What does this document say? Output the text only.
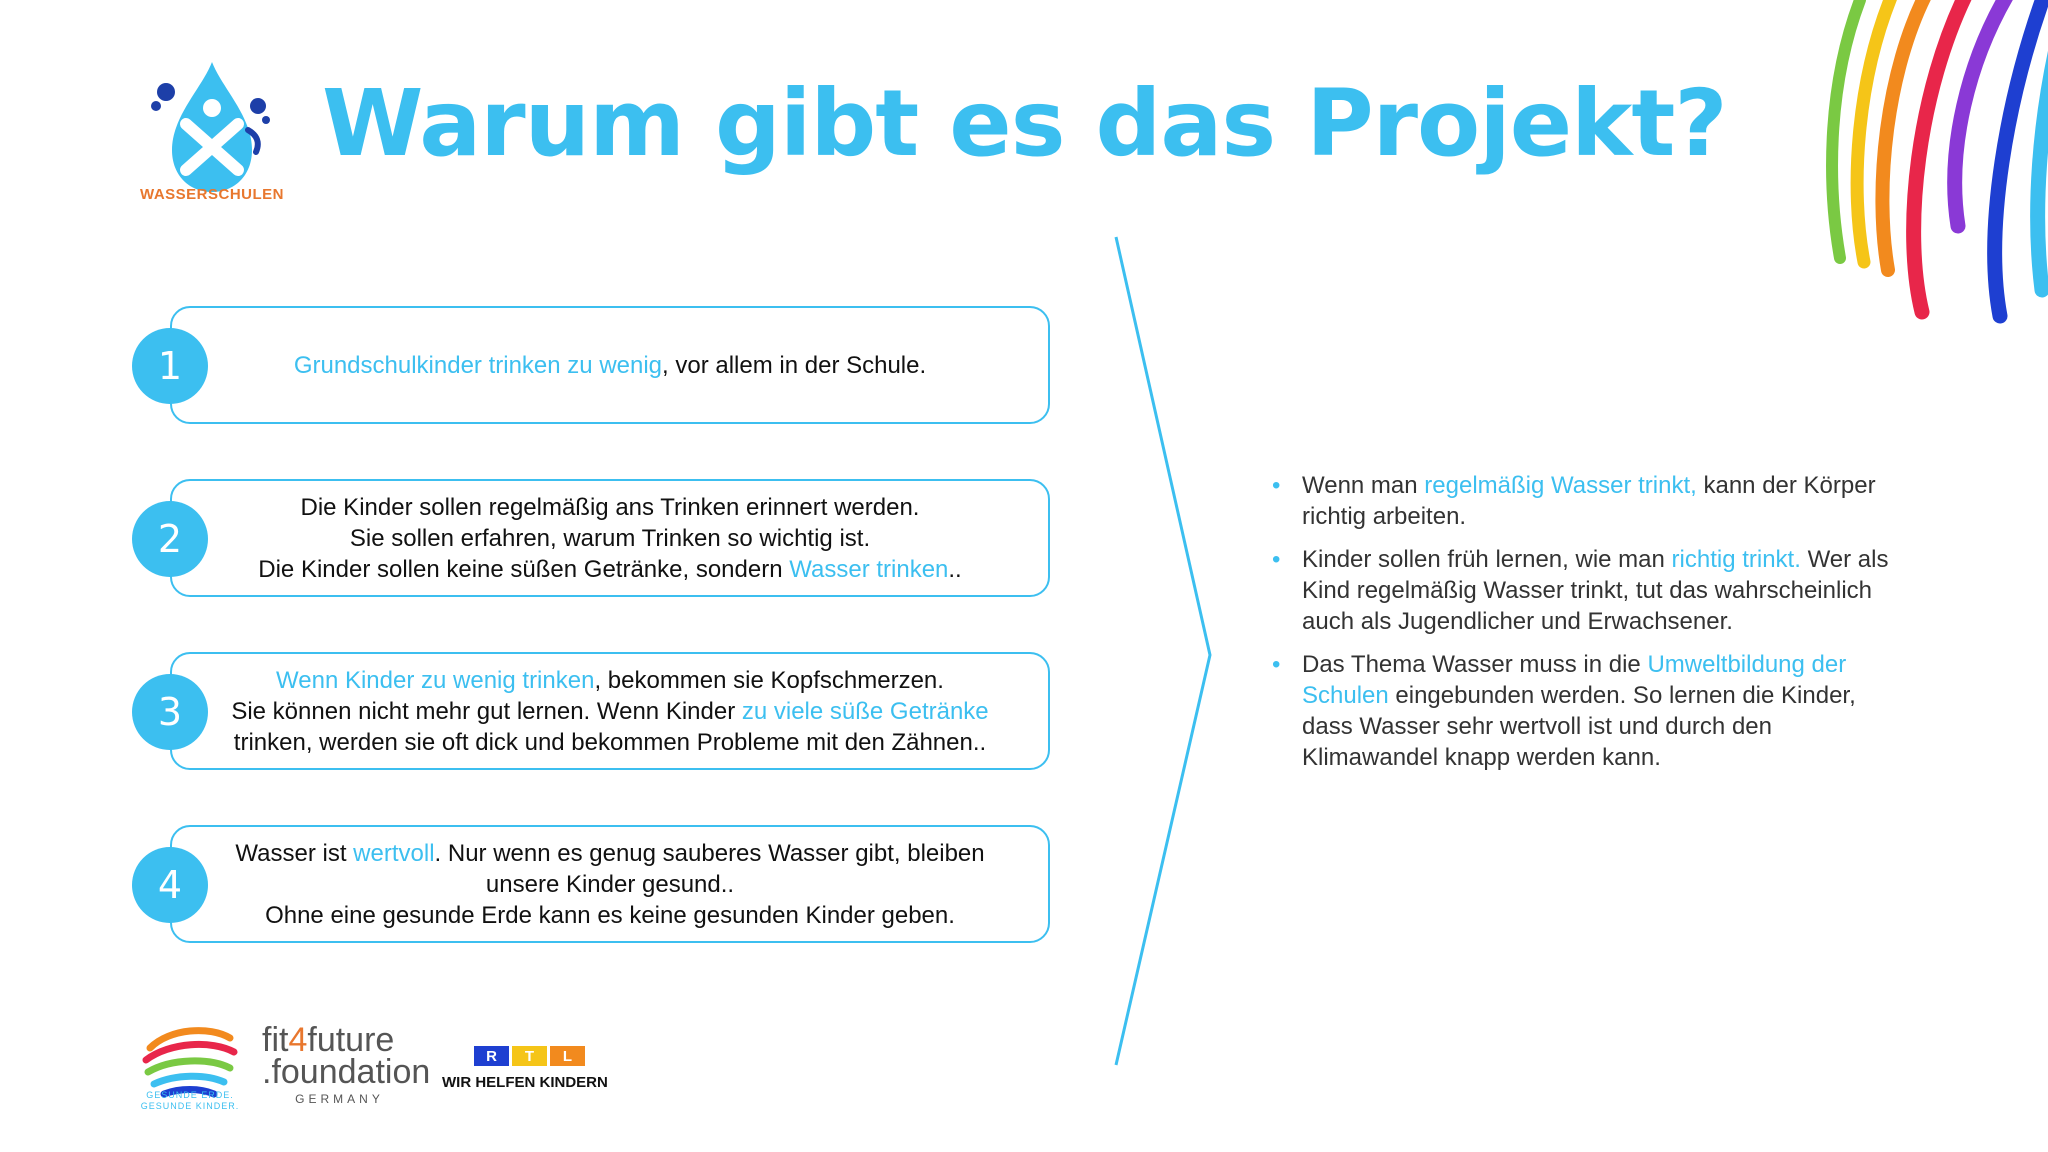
WASSERSCHULEN
Warum gibt es das Projekt?
Grundschulkinder trinken zu wenig, vor allem in der Schule.
1
Die Kinder sollen regelmäßig ans Trinken erinnert werden.
Sie sollen erfahren, warum Trinken so wichtig ist.
Die Kinder sollen keine süßen Getränke, sondern Wasser trinken..
2
Wenn Kinder zu wenig trinken, bekommen sie Kopfschmerzen.
Sie können nicht mehr gut lernen. Wenn Kinder zu viele süße Getränke
trinken, werden sie oft dick und bekommen Probleme mit den Zähnen..
3
Wasser ist wertvoll. Nur wenn es genug sauberes Wasser gibt, bleiben unsere Kinder gesund..
Ohne eine gesunde Erde kann es keine gesunden Kinder geben.
4
• Wenn man regelmäßig Wasser trinkt, kann der Körper richtig arbeiten.
• Kinder sollen früh lernen, wie man richtig trinkt. Wer als Kind regelmäßig Wasser trinkt, tut das wahrscheinlich auch als Jugendlicher und Erwachsener.
• Das Thema Wasser muss in die Umweltbildung der Schulen eingebunden werden. So lernen die Kinder, dass Wasser sehr wertvoll ist und durch den Klimawandel knapp werden kann.
GESUNDE ERDE.
GESUNDE KINDER.
fit4future
.foundation
GERMANY
R	T	L
WIR HELFEN KINDERN
